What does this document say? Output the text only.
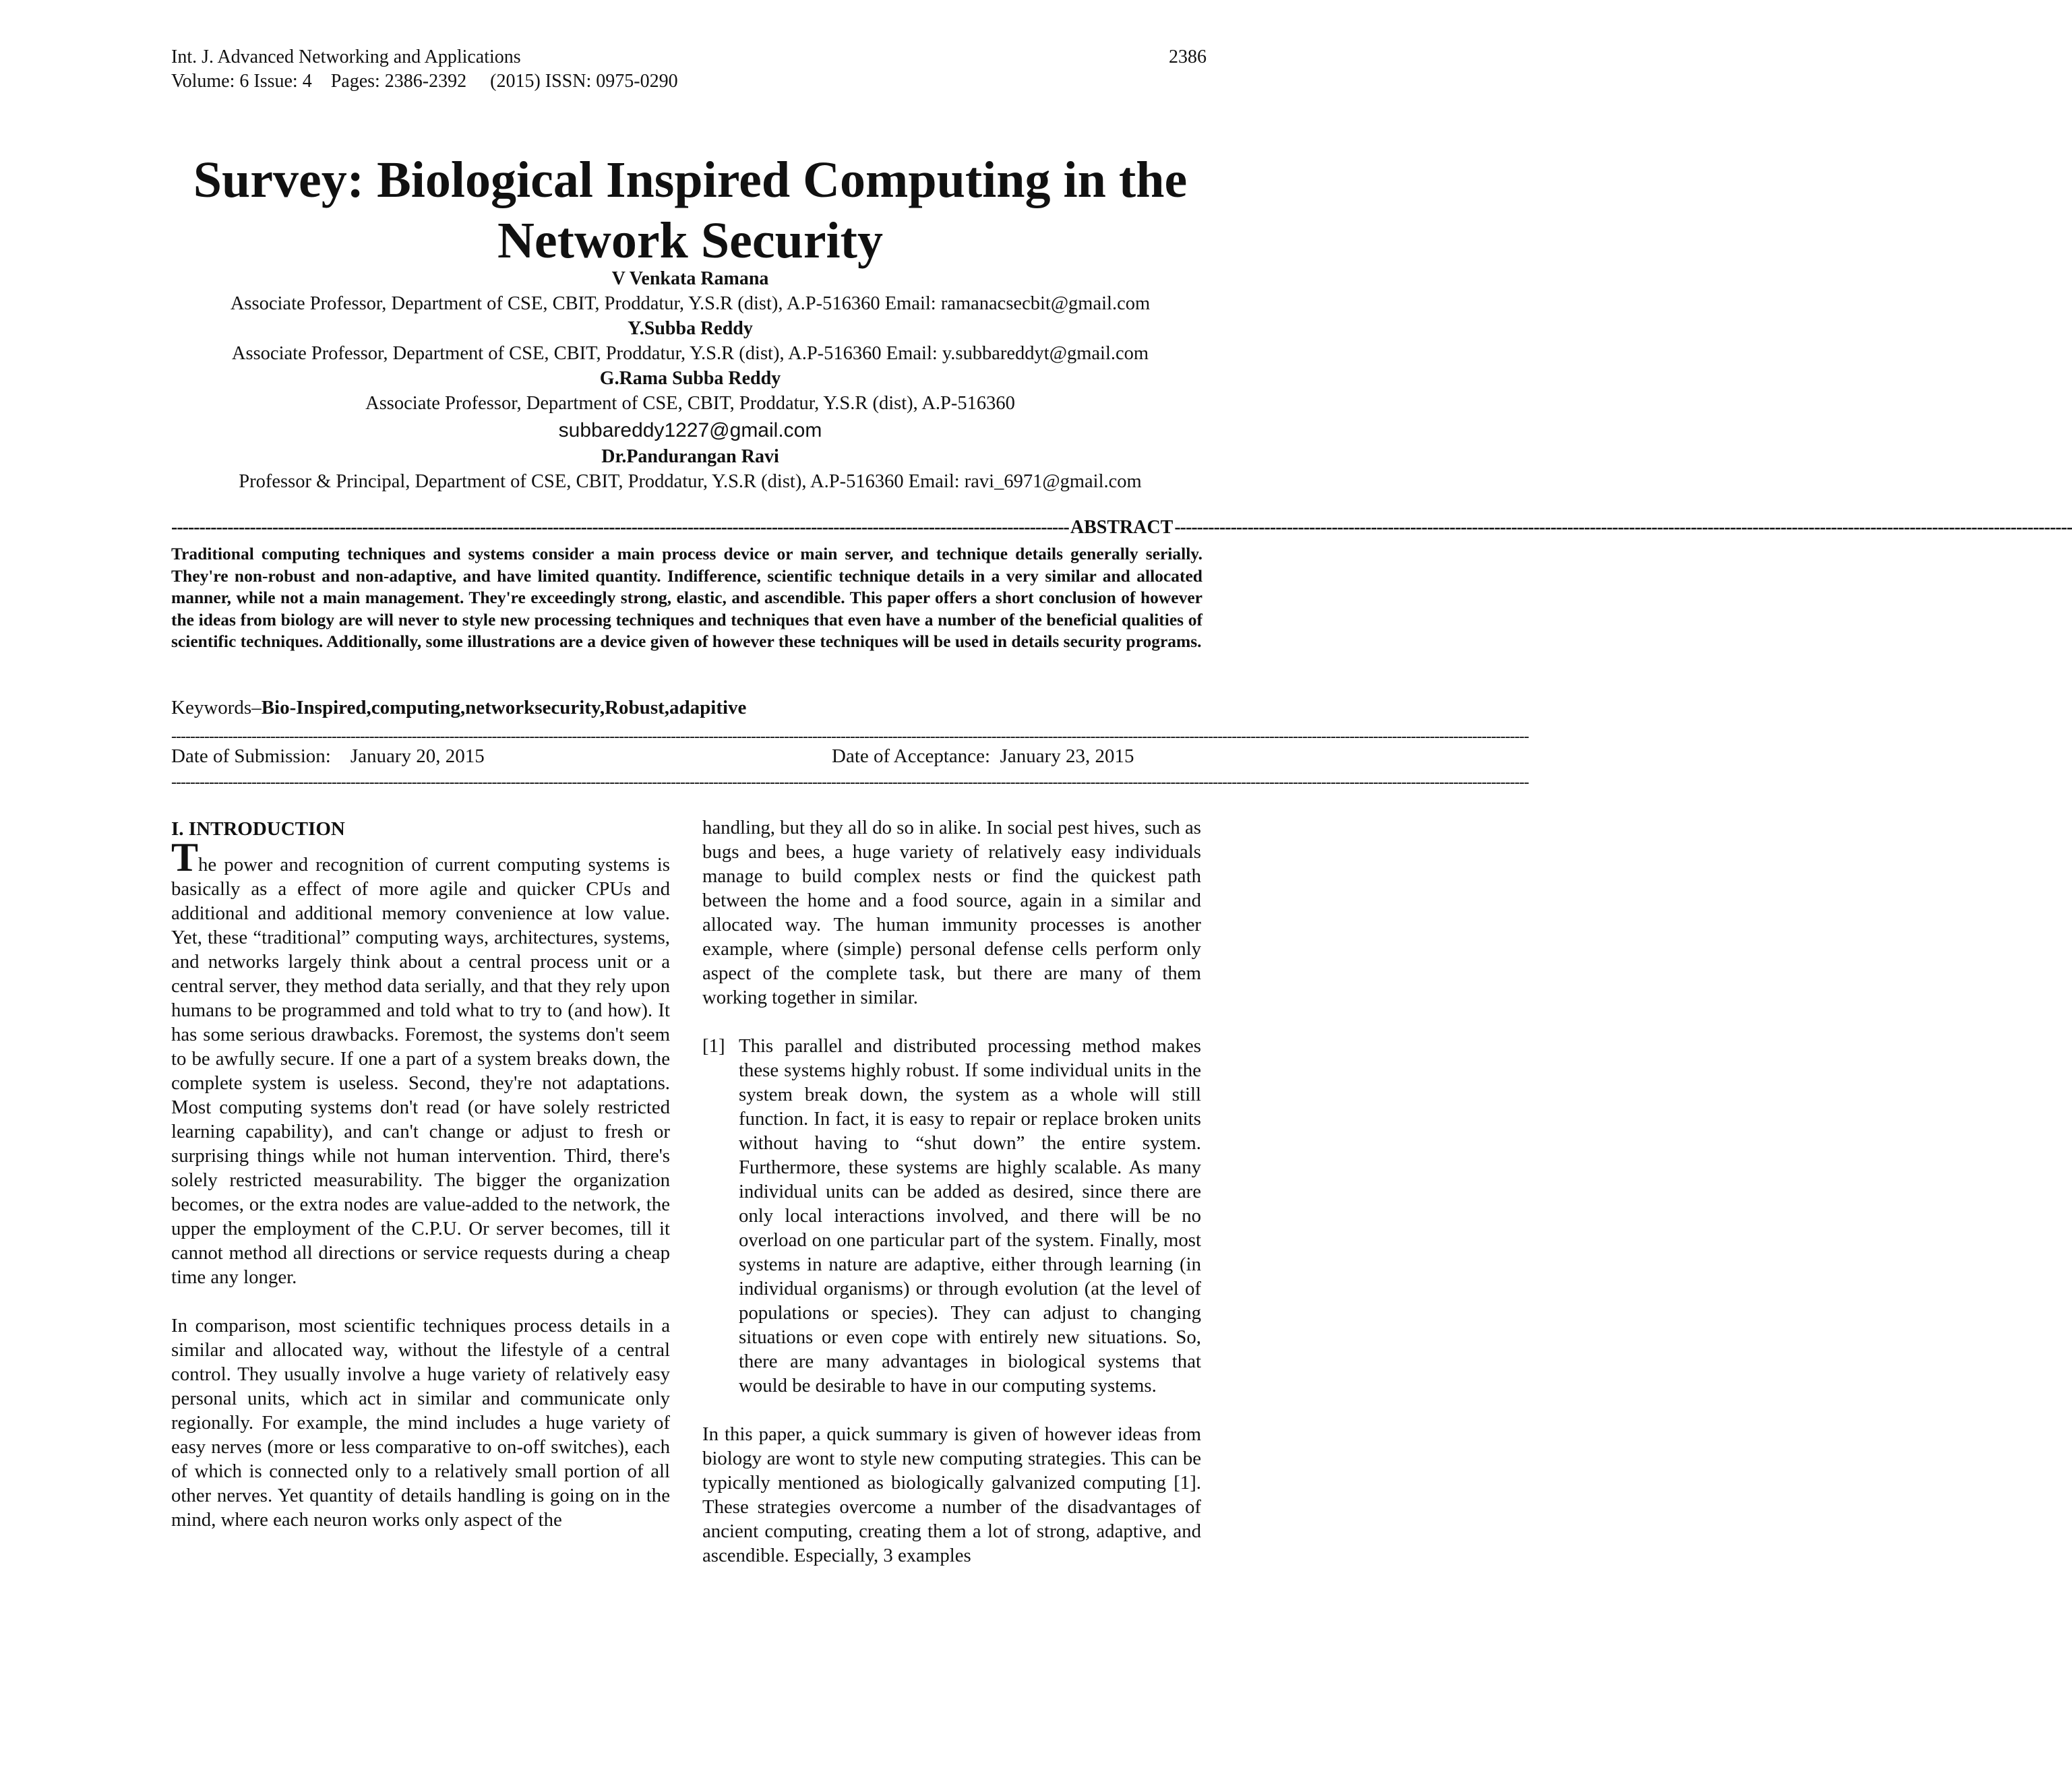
Int. J. Advanced Networking and Applications
Volume: 6 Issue: 4    Pages: 2386-2392     (2015) ISSN: 0975-0290
2386
Survey: Biological Inspired Computing in the
Network Security
V Venkata Ramana
Associate Professor, Department of CSE, CBIT, Proddatur, Y.S.R (dist), A.P-516360 Email: ramanacsecbit@gmail.com
Y.Subba Reddy
Associate Professor, Department of CSE, CBIT, Proddatur, Y.S.R (dist), A.P-516360 Email: y.subbareddyt@gmail.com
G.Rama Subba Reddy
Associate Professor, Department of CSE, CBIT, Proddatur, Y.S.R (dist), A.P-516360
subbareddy1227@gmail.com
Dr.Pandurangan Ravi
Professor & Principal, Department of CSE, CBIT, Proddatur, Y.S.R (dist), A.P-516360 Email: ravi_6971@gmail.com
---------------------------------------------------------------------------------------------------------------------------------------------------------------- ABSTRACT ----------------------------------------------------------------------------------------------------------------------------------------------------------------
Traditional computing techniques and systems consider a main process device or main server, and technique details generally serially. They're non-robust and non-adaptive, and have limited quantity. Indifference, scientific technique details in a very similar and allocated manner, while not a main management. They're exceedingly strong, elastic, and ascendible. This paper offers a short conclusion of however the ideas from biology are will never to style new processing techniques and techniques that even have a number of the beneficial qualities of scientific techniques. Additionally, some illustrations are a device given of however these techniques will be used in details security programs.
Keywords–Bio-Inspired,computing,networksecurity,Robust,adapitive
------------------------------------------------------------------------------------------------------------------------------------------------------------------------------------------------------------------------------------------------------------------------------------------------
Date of Submission:    January 20, 2015	Date of Acceptance:  January 23, 2015
------------------------------------------------------------------------------------------------------------------------------------------------------------------------------------------------------------------------------------------------------------------------------------------------
I. INTRODUCTION

The power and recognition of current computing systems is basically as a effect of more agile and quicker CPUs and additional and additional memory convenience at low value. Yet, these “traditional” computing ways, architectures, systems, and networks largely think about a central process unit or a central server, they method data serially, and that they rely upon humans to be programmed and told what to try to (and how). It has some serious drawbacks. Foremost, the systems don't seem to be awfully secure. If one a part of a system breaks down, the complete system is useless. Second, they're not adaptations. Most computing systems don't read (or have solely restricted learning capability), and can't change or adjust to fresh or surprising things while not human intervention. Third, there's solely restricted measurability. The bigger the organization becomes, or the extra nodes are value-added to the network, the upper the employment of the C.P.U. Or server becomes, till it cannot method all directions or service requests during a cheap time any longer.

In comparison, most scientific techniques process details in a similar and allocated way, without the lifestyle of a central control. They usually involve a huge variety of relatively easy personal units, which act in similar and communicate only regionally. For example, the mind includes a huge variety of easy nerves (more or less comparative to on-off switches), each of which is connected only to a relatively small portion of all other nerves. Yet quantity of details handling is going on in the mind, where each neuron works only aspect of the

handling, but they all do so in alike. In social pest hives, such as bugs and bees, a huge variety of relatively easy individuals manage to build complex nests or find the quickest path between the home and a food source, again in a similar and allocated way. The human immunity processes is another example, where (simple) personal defense cells perform only aspect of the complete task, but there are many of them working together in similar.

[1] This parallel and distributed processing method makes these systems highly robust. If some individual units in the system break down, the system as a whole will still function. In fact, it is easy to repair or replace broken units without having to “shut down” the entire system. Furthermore, these systems are highly scalable. As many individual units can be added as desired, since there are only local interactions involved, and there will be no overload on one particular part of the system. Finally, most systems in nature are adaptive, either through learning (in individual organisms) or through evolution (at the level of populations or species). They can adjust to changing situations or even cope with entirely new situations. So, there are many advantages in biological systems that would be desirable to have in our computing systems.

In this paper, a quick summary is given of however ideas from biology are wont to style new computing strategies. This can be typically mentioned as biologically galvanized computing [1]. These strategies overcome a number of the disadvantages of ancient computing, creating them a lot of strong, adaptive, and ascendible. Especially, 3 examples
